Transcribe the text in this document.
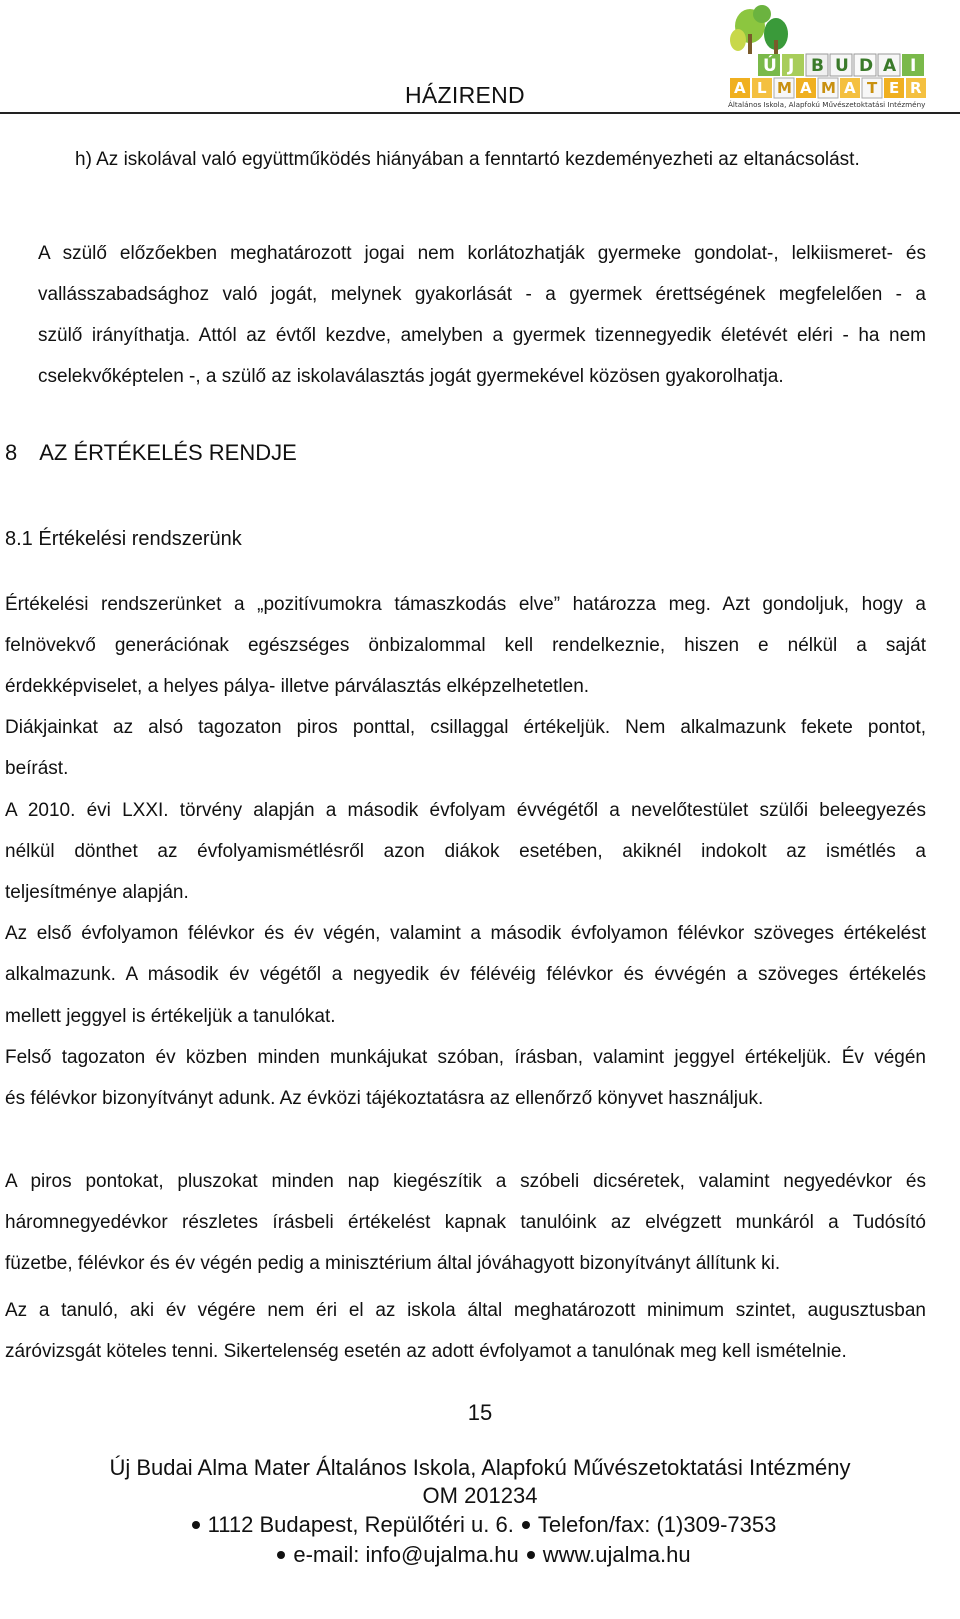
HÁZIREND
Ú J B U D A I
A L M A M A T E R
Általános Iskola, Alapfokú Művészetoktatási Intézmény
h) Az iskolával való együttműködés hiányában a fenntartó kezdeményezheti az eltanácsolást.
A szülő előzőekben meghatározott jogai nem korlátozhatják gyermeke gondolat-, lelkiismeret- és
vallásszabadsághoz való jogát, melynek gyakorlását - a gyermek érettségének megfelelően - a
szülő irányíthatja. Attól az évtől kezdve, amelyben a gyermek tizennegyedik életévét eléri - ha nem
cselekvőképtelen -, a szülő az iskolaválasztás jogát gyermekével közösen gyakorolhatja.
8 AZ ÉRTÉKELÉS RENDJE
8.1 Értékelési rendszerünk
Értékelési rendszerünket a „pozitívumokra támaszkodás elve” határozza meg. Azt gondoljuk, hogy a
felnövekvő generációnak egészséges önbizalommal kell rendelkeznie, hiszen e nélkül a saját
érdekképviselet, a helyes pálya- illetve párválasztás elképzelhetetlen.
Diákjainkat az alsó tagozaton piros ponttal, csillaggal értékeljük. Nem alkalmazunk fekete pontot,
beírást.
A 2010. évi LXXI. törvény alapján a második évfolyam évvégétől a nevelőtestület szülői beleegyezés
nélkül dönthet az évfolyamismétlésről azon diákok esetében, akiknél indokolt az ismétlés a
teljesítménye alapján.
Az első évfolyamon félévkor és év végén, valamint a második évfolyamon félévkor szöveges értékelést
alkalmazunk. A második év végétől a negyedik év félévéig félévkor és évvégén a szöveges értékelés
mellett jeggyel is értékeljük a tanulókat.
Felső tagozaton év közben minden munkájukat szóban, írásban, valamint jeggyel értékeljük. Év végén
és félévkor bizonyítványt adunk. Az évközi tájékoztatásra az ellenőrző könyvet használjuk.
A piros pontokat, pluszokat minden nap kiegészítik a szóbeli dicséretek, valamint negyedévkor és
háromnegyedévkor részletes írásbeli értékelést kapnak tanulóink az elvégzett munkáról a Tudósító
füzetbe, félévkor és év végén pedig a minisztérium által jóváhagyott bizonyítványt állítunk ki.
Az a tanuló, aki év végére nem éri el az iskola által meghatározott minimum szintet, augusztusban
záróvizsgát köteles tenni. Sikertelenség esetén az adott évfolyamot a tanulónak meg kell ismételnie.
15
Új Budai Alma Mater Általános Iskola, Alapfokú Művészetoktatási Intézmény
OM 201234
1112 Budapest, Repülőtéri u. 6. Telefon/fax: (1)309-7353
e-mail: info@ujalma.hu www.ujalma.hu
